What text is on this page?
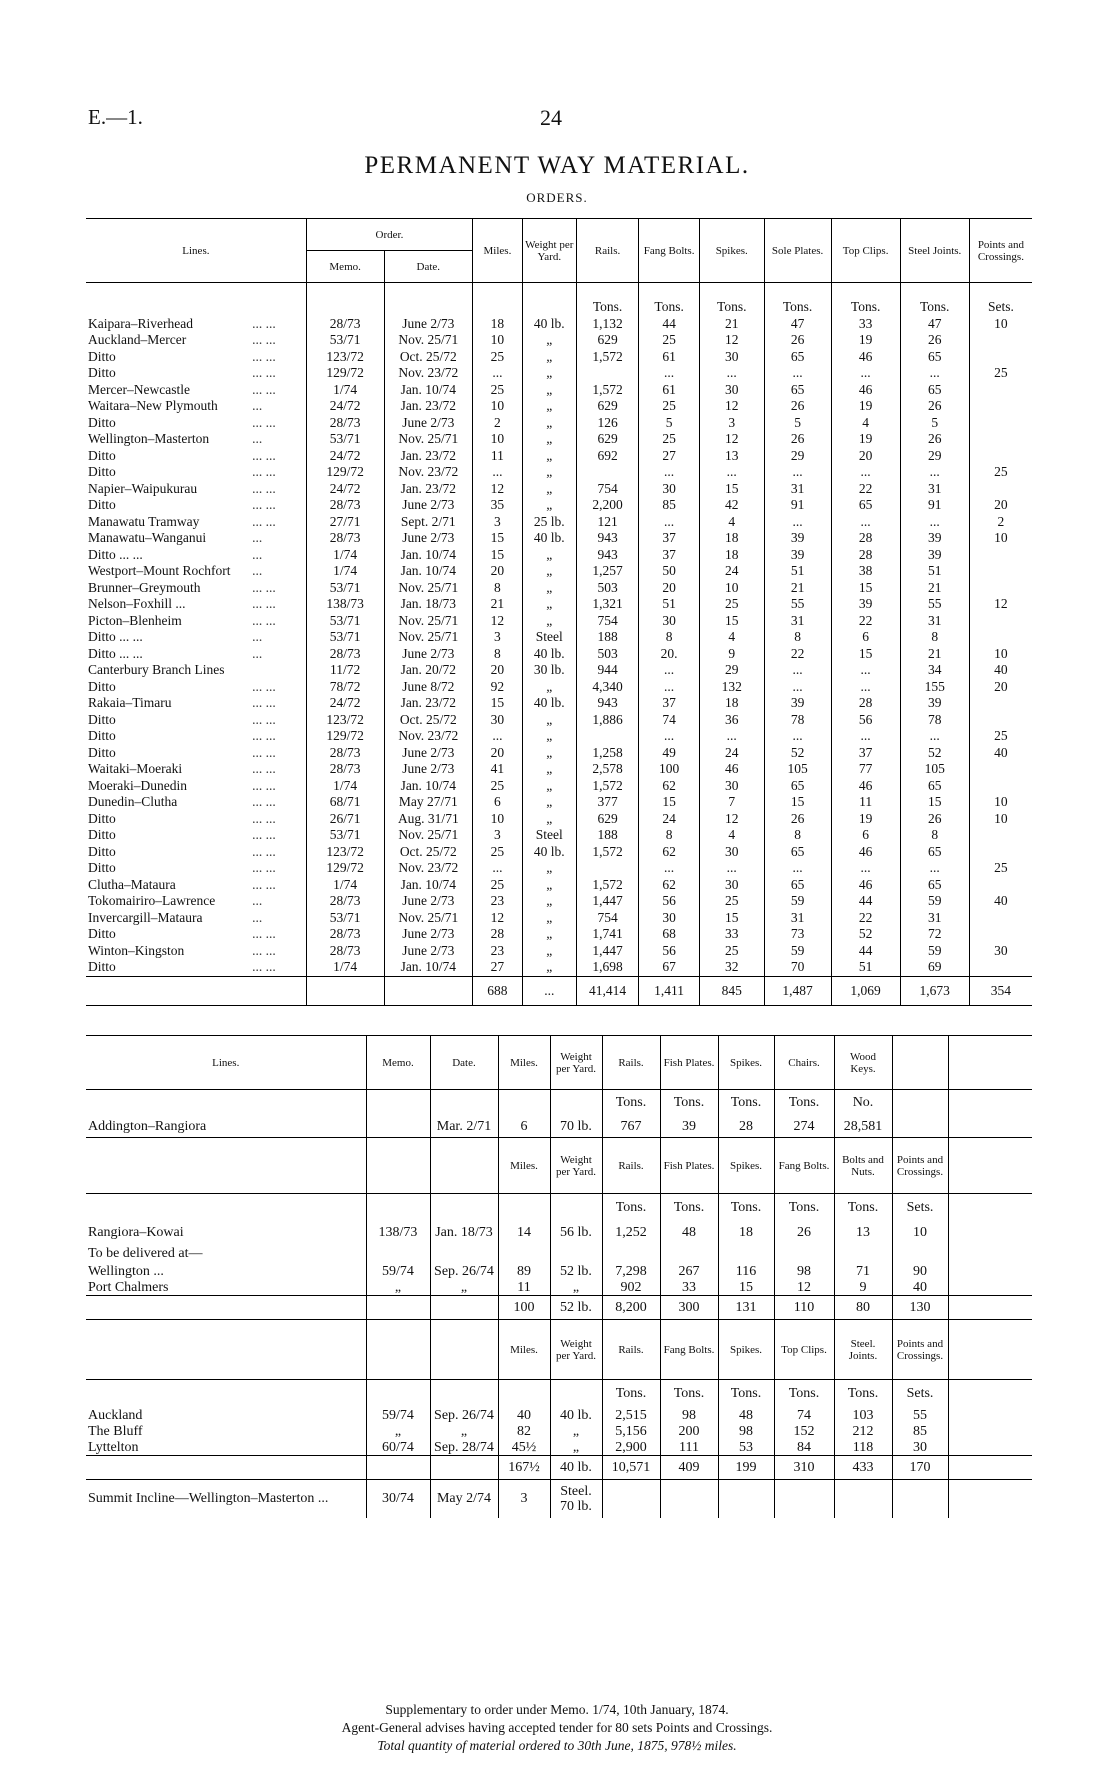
E.—1.	24
PERMANENT WAY MATERIAL.
ORDERS.
Lines.		Order.		Miles.	Weight per Yard.	Rails.	Fang Bolts.	Spikes.	Sole Plates.	Top Clips.	Steel Joints.	Points and Crossings.
		Memo.	Date.									
						Tons.	Tons.	Tons.	Tons.	Tons.	Tons.	Sets.
Kaipara–Riverhead	... ...	28/73	June 2/73	18	40 lb.	1,132	44	21	47	33	47	10
Auckland–Mercer	... ...	53/71	Nov. 25/71	10	„	629	25	12	26	19	26	
Ditto	... ...	123/72	Oct. 25/72	25	„	1,572	61	30	65	46	65	
Ditto	... ...	129/72	Nov. 23/72	...	„		...	...	...	...	...	25
Mercer–Newcastle	... ...	1/74	Jan. 10/74	25	„	1,572	61	30	65	46	65	
Waitara–New Plymouth	...	24/72	Jan. 23/72	10	„	629	25	12	26	19	26	
Ditto	... ...	28/73	June 2/73	2	„	126	5	3	5	4	5	
Wellington–Masterton	...	53/71	Nov. 25/71	10	„	629	25	12	26	19	26	
Ditto	... ...	24/72	Jan. 23/72	11	„	692	27	13	29	20	29	
Ditto	... ...	129/72	Nov. 23/72	...	„		...	...	...	...	...	25
Napier–Waipukurau	... ...	24/72	Jan. 23/72	12	„	754	30	15	31	22	31	
Ditto	... ...	28/73	June 2/73	35	„	2,200	85	42	91	65	91	20
Manawatu Tramway	... ...	27/71	Sept. 2/71	3	25 lb.	121	...	4	...	...	...	2
Manawatu–Wanganui	...	28/73	June 2/73	15	40 lb.	943	37	18	39	28	39	10
Ditto ... ...	...	1/74	Jan. 10/74	15	„	943	37	18	39	28	39	
Westport–Mount Rochfort	...	1/74	Jan. 10/74	20	„	1,257	50	24	51	38	51	
Brunner–Greymouth	... ...	53/71	Nov. 25/71	8	„	503	20	10	21	15	21	
Nelson–Foxhill ...	... ...	138/73	Jan. 18/73	21	„	1,321	51	25	55	39	55	12
Picton–Blenheim	... ...	53/71	Nov. 25/71	12	„	754	30	15	31	22	31	
Ditto ... ...	...	53/71	Nov. 25/71	3	Steel	188	8	4	8	6	8	
Ditto ... ...	...	28/73	June 2/73	8	40 lb.	503	20.	9	22	15	21	10
Canterbury Branch Lines		11/72	Jan. 20/72	20	30 lb.	944	...	29	...	...	34	40
Ditto	... ...	78/72	June 8/72	92	„	4,340	...	132	...	...	155	20
Rakaia–Timaru	... ...	24/72	Jan. 23/72	15	40 lb.	943	37	18	39	28	39	
Ditto	... ...	123/72	Oct. 25/72	30	„	1,886	74	36	78	56	78	
Ditto	... ...	129/72	Nov. 23/72	...	„		...	...	...	...	...	25
Ditto	... ...	28/73	June 2/73	20	„	1,258	49	24	52	37	52	40
Waitaki–Moeraki	... ...	28/73	June 2/73	41	„	2,578	100	46	105	77	105	
Moeraki–Dunedin	... ...	1/74	Jan. 10/74	25	„	1,572	62	30	65	46	65	
Dunedin–Clutha	... ...	68/71	May 27/71	6	„	377	15	7	15	11	15	10
Ditto	... ...	26/71	Aug. 31/71	10	„	629	24	12	26	19	26	10
Ditto	... ...	53/71	Nov. 25/71	3	Steel	188	8	4	8	6	8	
Ditto	... ...	123/72	Oct. 25/72	25	40 lb.	1,572	62	30	65	46	65	
Ditto	... ...	129/72	Nov. 23/72	...	„		...	...	...	...	...	25
Clutha–Mataura	... ...	1/74	Jan. 10/74	25	„	1,572	62	30	65	46	65	
Tokomairiro–Lawrence	...	28/73	June 2/73	23	„	1,447	56	25	59	44	59	40
Invercargill–Mataura	...	53/71	Nov. 25/71	12	„	754	30	15	31	22	31	
Ditto	... ...	28/73	June 2/73	28	„	1,741	68	33	73	52	72	
Winton–Kingston	... ...	28/73	June 2/73	23	„	1,447	56	25	59	44	59	30
Ditto	... ...	1/74	Jan. 10/74	27	„	1,698	67	32	70	51	69	
				688	...	41,414	1,411	845	1,487	1,069	1,673	354
Lines.	Memo.	Date.	Miles.	Weight per Yard.	Rails.	Fish Plates.	Spikes.	Chairs.	Wood Keys.		
					Tons.	Tons.	Tons.	Tons.	No.		
Addington–Rangiora		Mar. 2/71	6	70 lb.	767	39	28	274	28,581		
			Miles.	Weight per Yard.	Rails.	Fish Plates.	Spikes.	Fang Bolts.	Bolts and Nuts.	Points and Crossings.	
					Tons.	Tons.	Tons.	Tons.	Tons.	Sets.	
Rangiora–Kowai	138/73	Jan. 18/73	14	56 lb.	1,252	48	18	26	13	10	
To be delivered at—											
Wellington ...	59/74	Sep. 26/74	89	52 lb.	7,298	267	116	98	71	90	
Port Chalmers	„	„	11	„	902	33	15	12	9	40	
			100	52 lb.	8,200	300	131	110	80	130	
			Miles.	Weight per Yard.	Rails.	Fang Bolts.	Spikes.	Top Clips.	Steel. Joints.	Points and Crossings.	
					Tons.	Tons.	Tons.	Tons.	Tons.	Sets.	
Auckland	59/74	Sep. 26/74	40	40 lb.	2,515	98	48	74	103	55	
The Bluff	„	„	82	„	5,156	200	98	152	212	85	
Lyttelton	60/74	Sep. 28/74	45½	„	2,900	111	53	84	118	30	
			167½	40 lb.	10,571	409	199	310	433	170	
Summit Incline—Wellington–Masterton ...	30/74	May 2/74	3	Steel. 70 lb.							
Supplementary to order under Memo. 1/74, 10th January, 1874.
Agent-General advises having accepted tender for 80 sets Points and Crossings.
Total quantity of material ordered to 30th June, 1875, 978½ miles.
